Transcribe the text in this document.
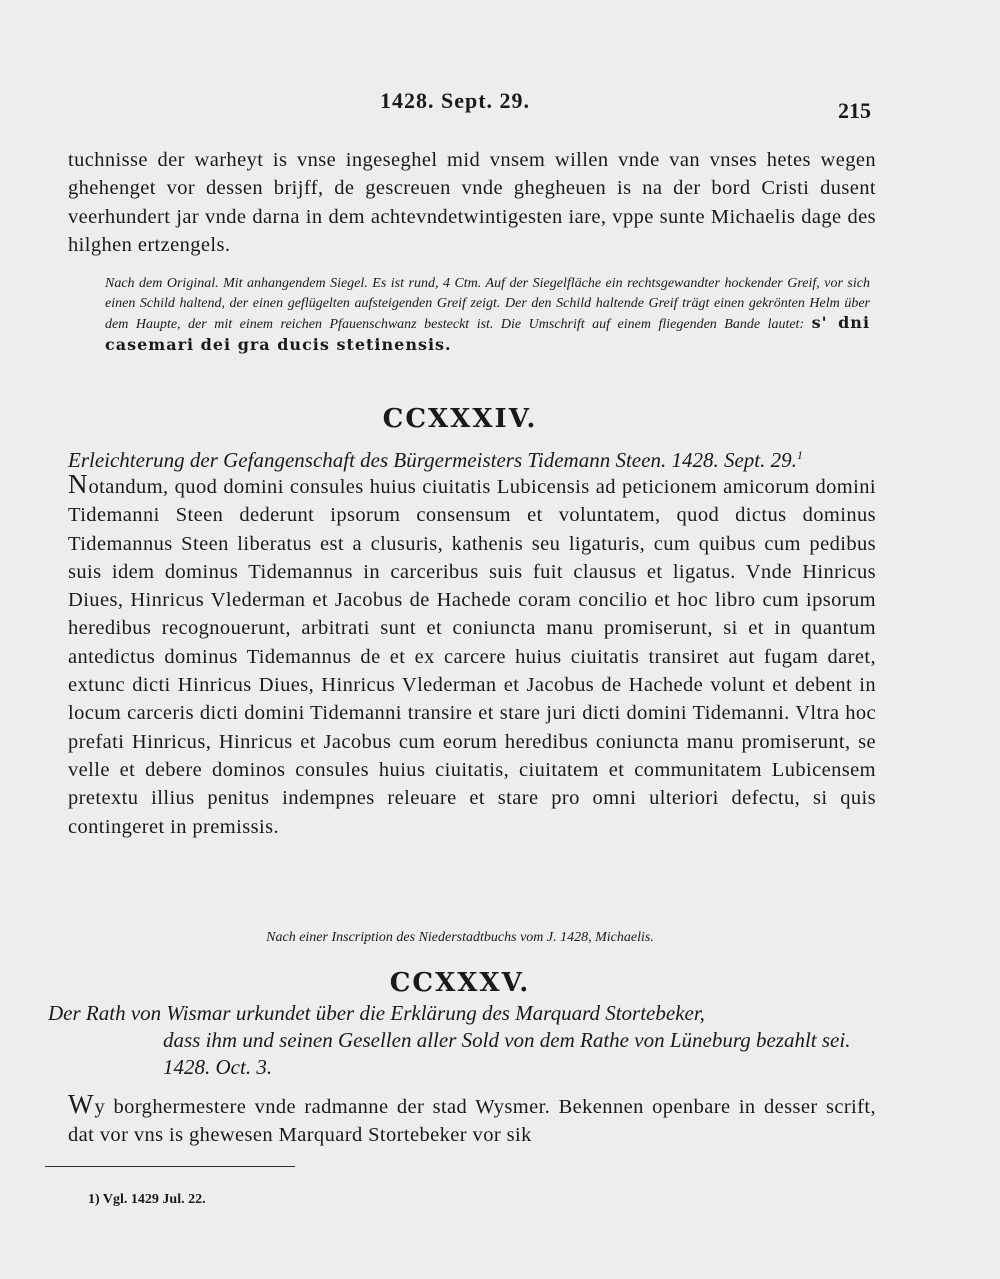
1428. Sept. 29.	215

tuchnisse der warheyt is vnse ingeseghel mid vnsem willen vnde van vnses hetes wegen ghehenget vor dessen brijff, de gescreuen vnde ghegheuen is na der bord Cristi dusent veerhundert jar vnde darna in dem achtevndetwintigesten iare, vppe sunte Michaelis dage des hilghen ertzengels.

Nach dem Original. Mit anhangendem Siegel. Es ist rund, 4 Ctm. Auf der Siegelfläche ein rechtsgewandter hockender Greif, vor sich einen Schild haltend, der einen geflügelten aufsteigenden Greif zeigt. Der den Schild haltende Greif trägt einen gekrönten Helm über dem Haupte, der mit einem reichen Pfauenschwanz besteckt ist. Die Umschrift auf einem fliegenden Bande lautet: s' dni casemari dei gra ducis stetinensis.

CCXXXIV.

Erleichterung der Gefangenschaft des Bürgermeisters Tidemann Steen. 1428. Sept. 29.$^1$

Notandum, quod domini consules huius ciuitatis Lubicensis ad peticionem amicorum domini Tidemanni Steen dederunt ipsorum consensum et voluntatem, quod dictus dominus Tidemannus Steen liberatus est a clusuris, kathenis seu ligaturis, cum quibus cum pedibus suis idem dominus Tidemannus in carceribus suis fuit clausus et ligatus. Vnde Hinricus Diues, Hinricus Vlederman et Jacobus de Hachede coram concilio et hoc libro cum ipsorum heredibus recognouerunt, arbitrati sunt et coniuncta manu promiserunt, si et in quantum antedictus dominus Tidemannus de et ex carcere huius ciuitatis transiret aut fugam daret, extunc dicti Hinricus Diues, Hinricus Vlederman et Jacobus de Hachede volunt et debent in locum carceris dicti domini Tidemanni transire et stare juri dicti domini Tidemanni. Vltra hoc prefati Hinricus, Hinricus et Jacobus cum eorum heredibus coniuncta manu promiserunt, se velle et debere dominos consules huius ciuitatis, ciuitatem et communitatem Lubicensem pretextu illius penitus indempnes releuare et stare pro omni ulteriori defectu, si quis contingeret in premissis.

Nach einer Inscription des Niederstadtbuchs vom J. 1428, Michaelis.

CCXXXV.

Der Rath von Wismar urkundet über die Erklärung des Marquard Stortebeker,
dass ihm und seinen Gesellen aller Sold von dem Rathe von Lüneburg bezahlt sei. 1428. Oct. 3.

Wy borghermestere vnde radmanne der stad Wysmer. Bekennen openbare in desser scrift, dat vor vns is ghewesen Marquard Stortebeker vor sik

1) Vgl. 1429 Jul. 22.
